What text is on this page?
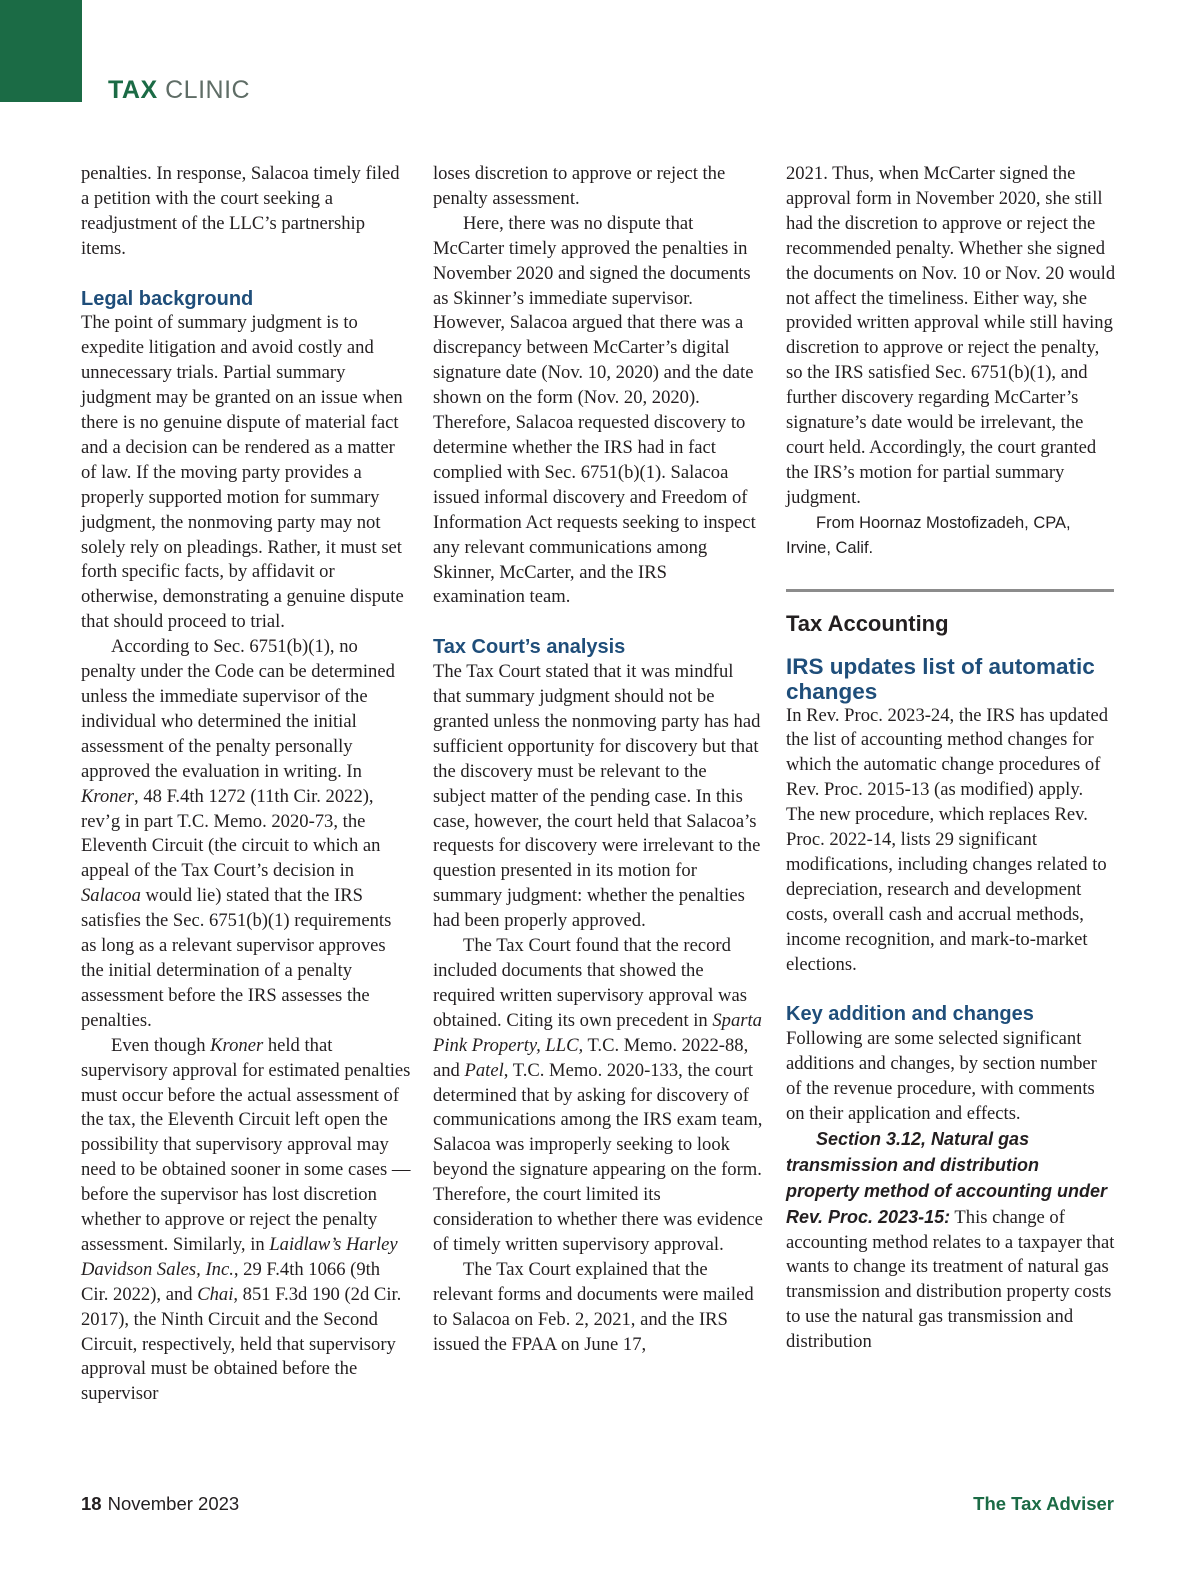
TAX CLINIC

penalties. In response, Salacoa timely filed a petition with the court seeking a readjustment of the LLC’s partnership items.

Legal background

The point of summary judgment is to expedite litigation and avoid costly and unnecessary trials. Partial summary judgment may be granted on an issue when there is no genuine dispute of material fact and a decision can be rendered as a matter of law. If the moving party provides a properly supported motion for summary judgment, the nonmoving party may not solely rely on pleadings. Rather, it must set forth specific facts, by affidavit or otherwise, demonstrating a genuine dispute that should proceed to trial.

According to Sec. 6751(b)(1), no penalty under the Code can be determined unless the immediate supervisor of the individual who determined the initial assessment of the penalty personally approved the evaluation in writing. In Kroner, 48 F.4th 1272 (11th Cir. 2022), rev’g in part T.C. Memo. 2020-73, the Eleventh Circuit (the circuit to which an appeal of the Tax Court’s decision in Salacoa would lie) stated that the IRS satisfies the Sec. 6751(b)(1) requirements as long as a relevant supervisor approves the initial determination of a penalty assessment before the IRS assesses the penalties.

Even though Kroner held that supervisory approval for estimated penalties must occur before the actual assessment of the tax, the Eleventh Circuit left open the possibility that supervisory approval may need to be obtained sooner in some cases — before the supervisor has lost discretion whether to approve or reject the penalty assessment. Similarly, in Laidlaw’s Harley Davidson Sales, Inc., 29 F.4th 1066 (9th Cir. 2022), and Chai, 851 F.3d 190 (2d Cir. 2017), the Ninth Circuit and the Second Circuit, respectively, held that supervisory approval must be obtained before the supervisor

loses discretion to approve or reject the penalty assessment.

Here, there was no dispute that McCarter timely approved the penalties in November 2020 and signed the documents as Skinner’s immediate supervisor. However, Salacoa argued that there was a discrepancy between McCarter’s digital signature date (Nov. 10, 2020) and the date shown on the form (Nov. 20, 2020). Therefore, Salacoa requested discovery to determine whether the IRS had in fact complied with Sec. 6751(b)(1). Salacoa issued informal discovery and Freedom of Information Act requests seeking to inspect any relevant communications among Skinner, McCarter, and the IRS examination team.

Tax Court’s analysis

The Tax Court stated that it was mindful that summary judgment should not be granted unless the nonmoving party has had sufficient opportunity for discovery but that the discovery must be relevant to the subject matter of the pending case. In this case, however, the court held that Salacoa’s requests for discovery were irrelevant to the question presented in its motion for summary judgment: whether the penalties had been properly approved.

The Tax Court found that the record included documents that showed the required written supervisory approval was obtained. Citing its own precedent in Sparta Pink Property, LLC, T.C. Memo. 2022-88, and Patel, T.C. Memo. 2020-133, the court determined that by asking for discovery of communications among the IRS exam team, Salacoa was improperly seeking to look beyond the signature appearing on the form. Therefore, the court limited its consideration to whether there was evidence of timely written supervisory approval.

The Tax Court explained that the relevant forms and documents were mailed to Salacoa on Feb. 2, 2021, and the IRS issued the FPAA on June 17,

2021. Thus, when McCarter signed the approval form in November 2020, she still had the discretion to approve or reject the recommended penalty. Whether she signed the documents on Nov. 10 or Nov. 20 would not affect the timeliness. Either way, she provided written approval while still having discretion to approve or reject the penalty, so the IRS satisfied Sec. 6751(b)(1), and further discovery regarding McCarter’s signature’s date would be irrelevant, the court held. Accordingly, the court granted the IRS’s motion for partial summary judgment.

From Hoornaz Mostofizadeh, CPA, Irvine, Calif.

Tax Accounting
IRS updates list of automatic changes

In Rev. Proc. 2023-24, the IRS has updated the list of accounting method changes for which the automatic change procedures of Rev. Proc. 2015-13 (as modified) apply. The new procedure, which replaces Rev. Proc. 2022-14, lists 29 significant modifications, including changes related to depreciation, research and development costs, overall cash and accrual methods, income recognition, and mark-to-market elections.

Key addition and changes

Following are some selected significant additions and changes, by section number of the revenue procedure, with comments on their application and effects.

Section 3.12, Natural gas transmission and distribution property method of accounting under Rev. Proc. 2023-15: This change of accounting method relates to a taxpayer that wants to change its treatment of natural gas transmission and distribution property costs to use the natural gas transmission and distribution

18 November 2023	The Tax Adviser
